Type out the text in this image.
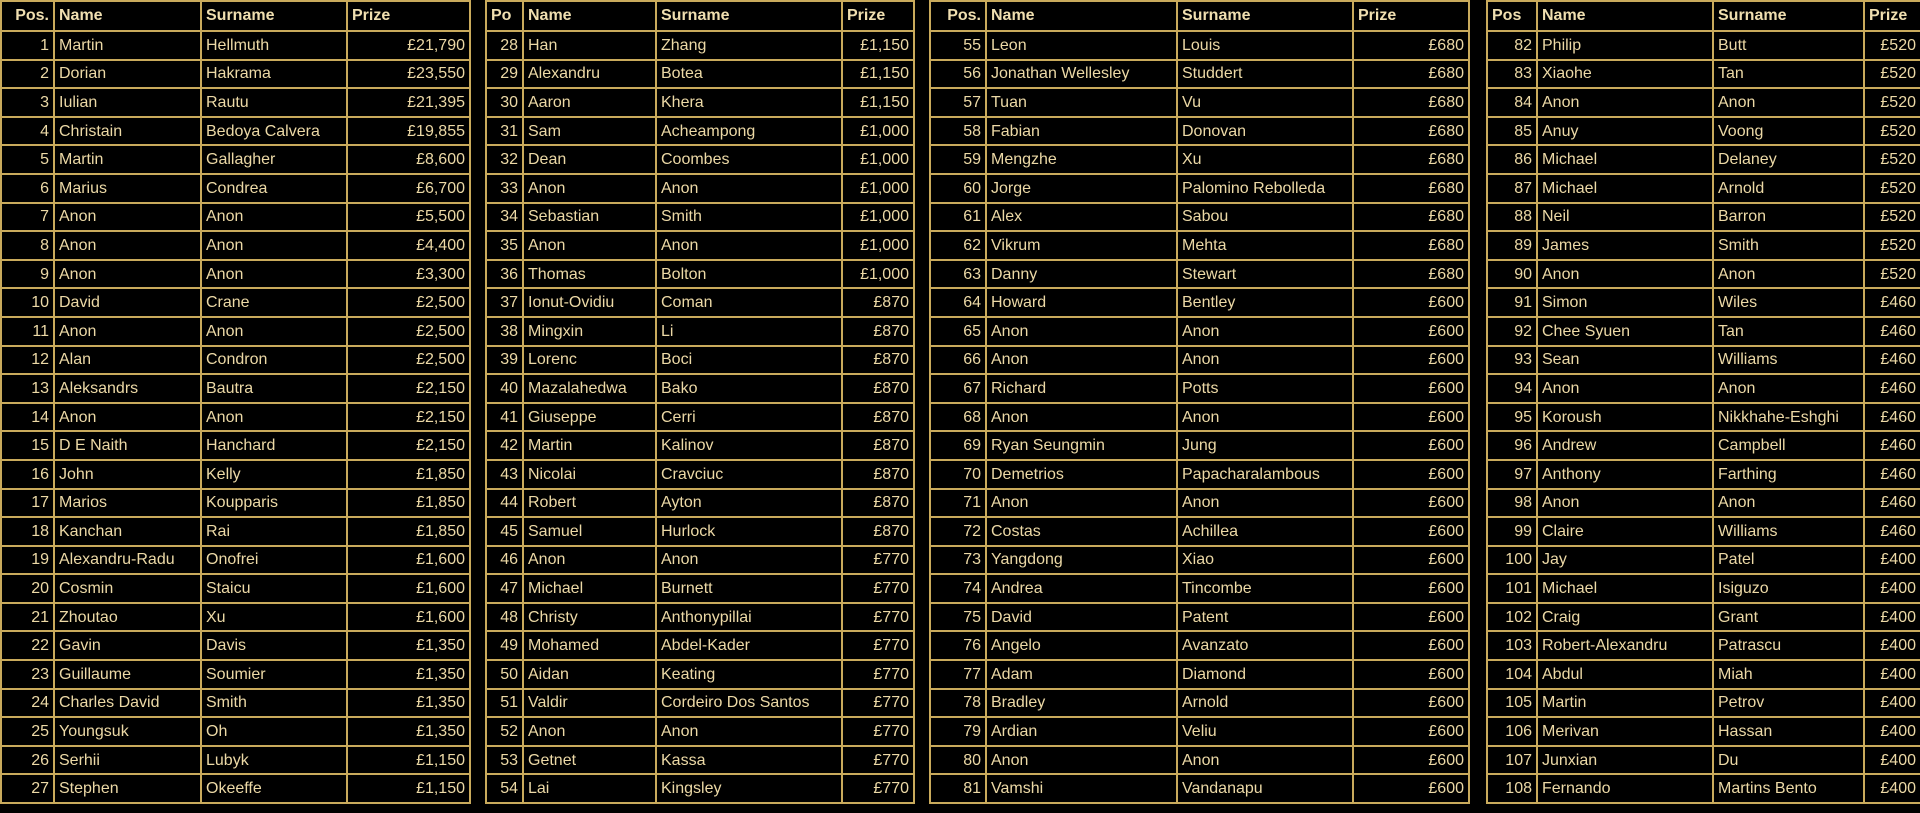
Pos.	Name	Surname	Prize
1	Martin	Hellmuth	£21,790
2	Dorian	Hakrama	£23,550
3	Iulian	Rautu	£21,395
4	Christain	Bedoya Calvera	£19,855
5	Martin	Gallagher	£8,600
6	Marius	Condrea	£6,700
7	Anon	Anon	£5,500
8	Anon	Anon	£4,400
9	Anon	Anon	£3,300
10	David	Crane	£2,500
11	Anon	Anon	£2,500
12	Alan	Condron	£2,500
13	Aleksandrs	Bautra	£2,150
14	Anon	Anon	£2,150
15	D E Naith	Hanchard	£2,150
16	John	Kelly	£1,850
17	Marios	Koupparis	£1,850
18	Kanchan	Rai	£1,850
19	Alexandru-Radu	Onofrei	£1,600
20	Cosmin	Staicu	£1,600
21	Zhoutao	Xu	£1,600
22	Gavin	Davis	£1,350
23	Guillaume	Soumier	£1,350
24	Charles David	Smith	£1,350
25	Youngsuk	Oh	£1,350
26	Serhii	Lubyk	£1,150
27	Stephen	Okeeffe	£1,150
Po	Name	Surname	Prize
28	Han	Zhang	£1,150
29	Alexandru	Botea	£1,150
30	Aaron	Khera	£1,150
31	Sam	Acheampong	£1,000
32	Dean	Coombes	£1,000
33	Anon	Anon	£1,000
34	Sebastian	Smith	£1,000
35	Anon	Anon	£1,000
36	Thomas	Bolton	£1,000
37	Ionut-Ovidiu	Coman	£870
38	Mingxin	Li	£870
39	Lorenc	Boci	£870
40	Mazalahedwa	Bako	£870
41	Giuseppe	Cerri	£870
42	Martin	Kalinov	£870
43	Nicolai	Cravciuc	£870
44	Robert	Ayton	£870
45	Samuel	Hurlock	£870
46	Anon	Anon	£770
47	Michael	Burnett	£770
48	Christy	Anthonypillai	£770
49	Mohamed	Abdel-Kader	£770
50	Aidan	Keating	£770
51	Valdir	Cordeiro Dos Santos	£770
52	Anon	Anon	£770
53	Getnet	Kassa	£770
54	Lai	Kingsley	£770
Pos.	Name	Surname	Prize
55	Leon	Louis	£680
56	Jonathan Wellesley	Studdert	£680
57	Tuan	Vu	£680
58	Fabian	Donovan	£680
59	Mengzhe	Xu	£680
60	Jorge	Palomino Rebolleda	£680
61	Alex	Sabou	£680
62	Vikrum	Mehta	£680
63	Danny	Stewart	£680
64	Howard	Bentley	£600
65	Anon	Anon	£600
66	Anon	Anon	£600
67	Richard	Potts	£600
68	Anon	Anon	£600
69	Ryan Seungmin	Jung	£600
70	Demetrios	Papacharalambous	£600
71	Anon	Anon	£600
72	Costas	Achillea	£600
73	Yangdong	Xiao	£600
74	Andrea	Tincombe	£600
75	David	Patent	£600
76	Angelo	Avanzato	£600
77	Adam	Diamond	£600
78	Bradley	Arnold	£600
79	Ardian	Veliu	£600
80	Anon	Anon	£600
81	Vamshi	Vandanapu	£600
Pos	Name	Surname	Prize
82	Philip	Butt	£520
83	Xiaohe	Tan	£520
84	Anon	Anon	£520
85	Anuy	Voong	£520
86	Michael	Delaney	£520
87	Michael	Arnold	£520
88	Neil	Barron	£520
89	James	Smith	£520
90	Anon	Anon	£520
91	Simon	Wiles	£460
92	Chee Syuen	Tan	£460
93	Sean	Williams	£460
94	Anon	Anon	£460
95	Koroush	Nikkhahe-Eshghi	£460
96	Andrew	Campbell	£460
97	Anthony	Farthing	£460
98	Anon	Anon	£460
99	Claire	Williams	£460
100	Jay	Patel	£400
101	Michael	Isiguzo	£400
102	Craig	Grant	£400
103	Robert-Alexandru	Patrascu	£400
104	Abdul	Miah	£400
105	Martin	Petrov	£400
106	Merivan	Hassan	£400
107	Junxian	Du	£400
108	Fernando	Martins Bento	£400
